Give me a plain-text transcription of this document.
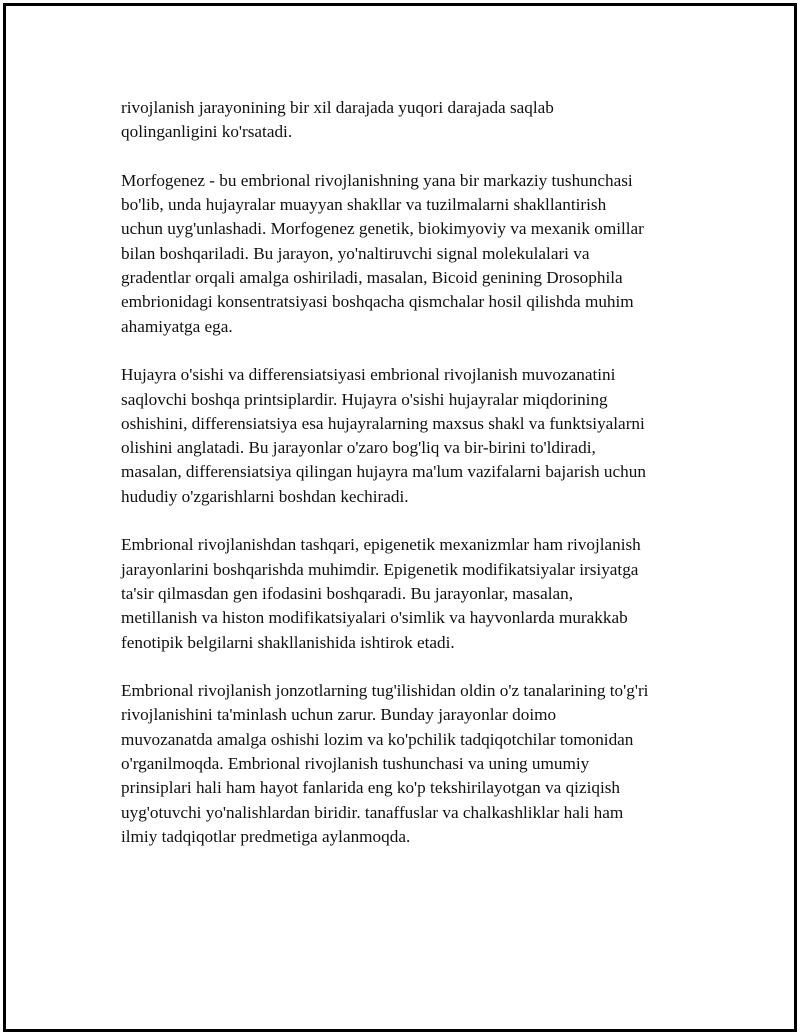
rivojlanish jarayonining bir xil darajada yuqori darajada saqlab
qolinganligini ko'rsatadi.

Morfogenez - bu embrional rivojlanishning yana bir markaziy tushunchasi
bo'lib, unda hujayralar muayyan shakllar va tuzilmalarni shakllantirish
uchun uyg'unlashadi. Morfogenez genetik, biokimyoviy va mexanik omillar
bilan boshqariladi. Bu jarayon, yo'naltiruvchi signal molekulalari va
gradentlar orqali amalga oshiriladi, masalan, Bicoid genining Drosophila
embrionidagi konsentratsiyasi boshqacha qismchalar hosil qilishda muhim
ahamiyatga ega.

Hujayra o'sishi va differensiatsiyasi embrional rivojlanish muvozanatini
saqlovchi boshqa printsiplardir. Hujayra o'sishi hujayralar miqdorining
oshishini, differensiatsiya esa hujayralarning maxsus shakl va funktsiyalarni
olishini anglatadi. Bu jarayonlar o'zaro bog'liq va bir-birini to'ldiradi,
masalan, differensiatsiya qilingan hujayra ma'lum vazifalarni bajarish uchun
hududiy o'zgarishlarni boshdan kechiradi.

Embrional rivojlanishdan tashqari, epigenetik mexanizmlar ham rivojlanish
jarayonlarini boshqarishda muhimdir. Epigenetik modifikatsiyalar irsiyatga
ta'sir qilmasdan gen ifodasini boshqaradi. Bu jarayonlar, masalan,
metillanish va histon modifikatsiyalari o'simlik va hayvonlarda murakkab
fenotipik belgilarni shakllanishida ishtirok etadi.

Embrional rivojlanish jonzotlarning tug'ilishidan oldin o'z tanalarining to'g'ri
rivojlanishini ta'minlash uchun zarur. Bunday jarayonlar doimo
muvozanatda amalga oshishi lozim va ko'pchilik tadqiqotchilar tomonidan
o'rganilmoqda. Embrional rivojlanish tushunchasi va uning umumiy
prinsiplari hali ham hayot fanlarida eng ko'p tekshirilayotgan va qiziqish
uyg'otuvchi yo'nalishlardan biridir. tanaffuslar va chalkashliklar hali ham
ilmiy tadqiqotlar predmetiga aylanmoqda.
